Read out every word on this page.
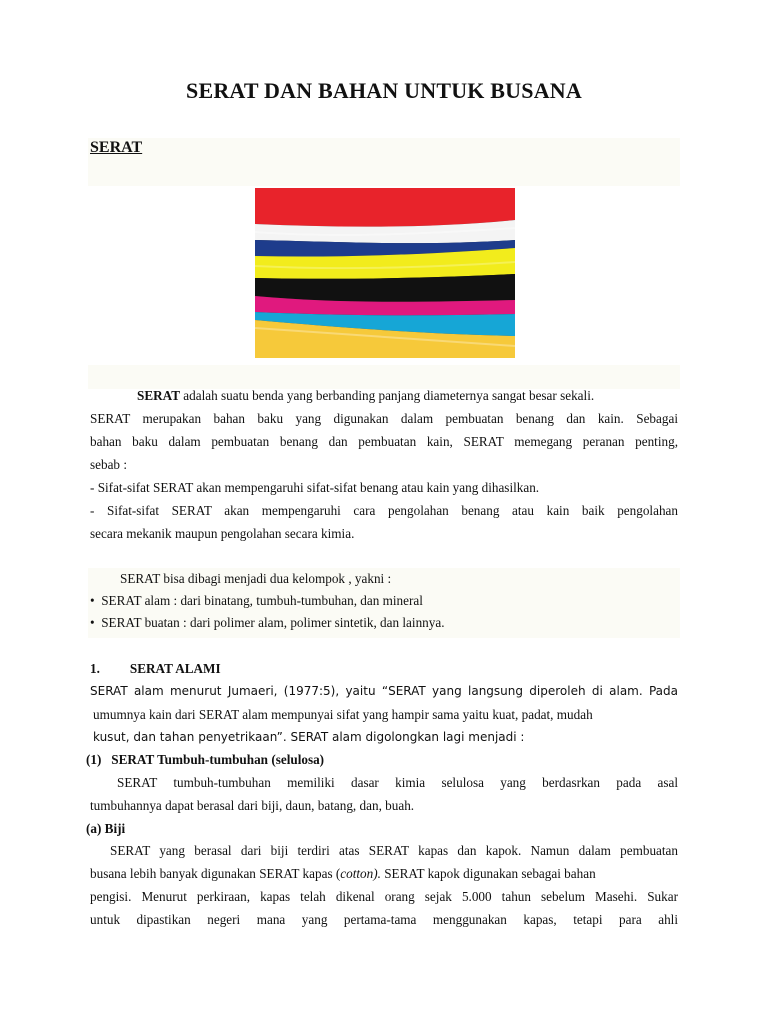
SERAT DAN BAHAN UNTUK BUSANA
SERAT
SERAT adalah suatu benda yang berbanding panjang diameternya sangat besar sekali.
SERAT merupakan bahan baku yang digunakan dalam pembuatan benang dan kain. Sebagai
bahan baku dalam pembuatan benang dan pembuatan kain, SERAT memegang peranan penting,
sebab :
- Sifat-sifat SERAT akan mempengaruhi sifat-sifat benang atau kain yang dihasilkan.
- Sifat-sifat SERAT akan mempengaruhi cara pengolahan benang atau kain baik pengolahan
secara mekanik maupun pengolahan secara kimia.
SERAT bisa dibagi menjadi dua kelompok , yakni :
• SERAT alam : dari binatang, tumbuh-tumbuhan, dan mineral
• SERAT buatan : dari polimer alam, polimer sintetik, dan lainnya.
1. SERAT ALAMI
SERAT alam menurut Jumaeri, (1977:5), yaitu “SERAT yang langsung diperoleh di alam. Pada
umumnya kain dari SERAT alam mempunyai sifat yang hampir sama yaitu kuat, padat, mudah
kusut, dan tahan penyetrikaan”. SERAT alam digolongkan lagi menjadi :
(1)   SERAT Tumbuh-tumbuhan (selulosa)
SERAT tumbuh-tumbuhan memiliki dasar kimia selulosa yang berdasrkan pada asal
tumbuhannya dapat berasal dari biji, daun, batang, dan, buah.
(a) Biji
SERAT yang berasal dari biji terdiri atas SERAT kapas dan kapok. Namun dalam pembuatan
busana lebih banyak digunakan SERAT kapas (cotton). SERAT kapok digunakan sebagai bahan
pengisi. Menurut perkiraan, kapas telah dikenal orang sejak 5.000 tahun sebelum Masehi. Sukar
untuk dipastikan negeri mana yang pertama-tama menggunakan kapas, tetapi para ahli
